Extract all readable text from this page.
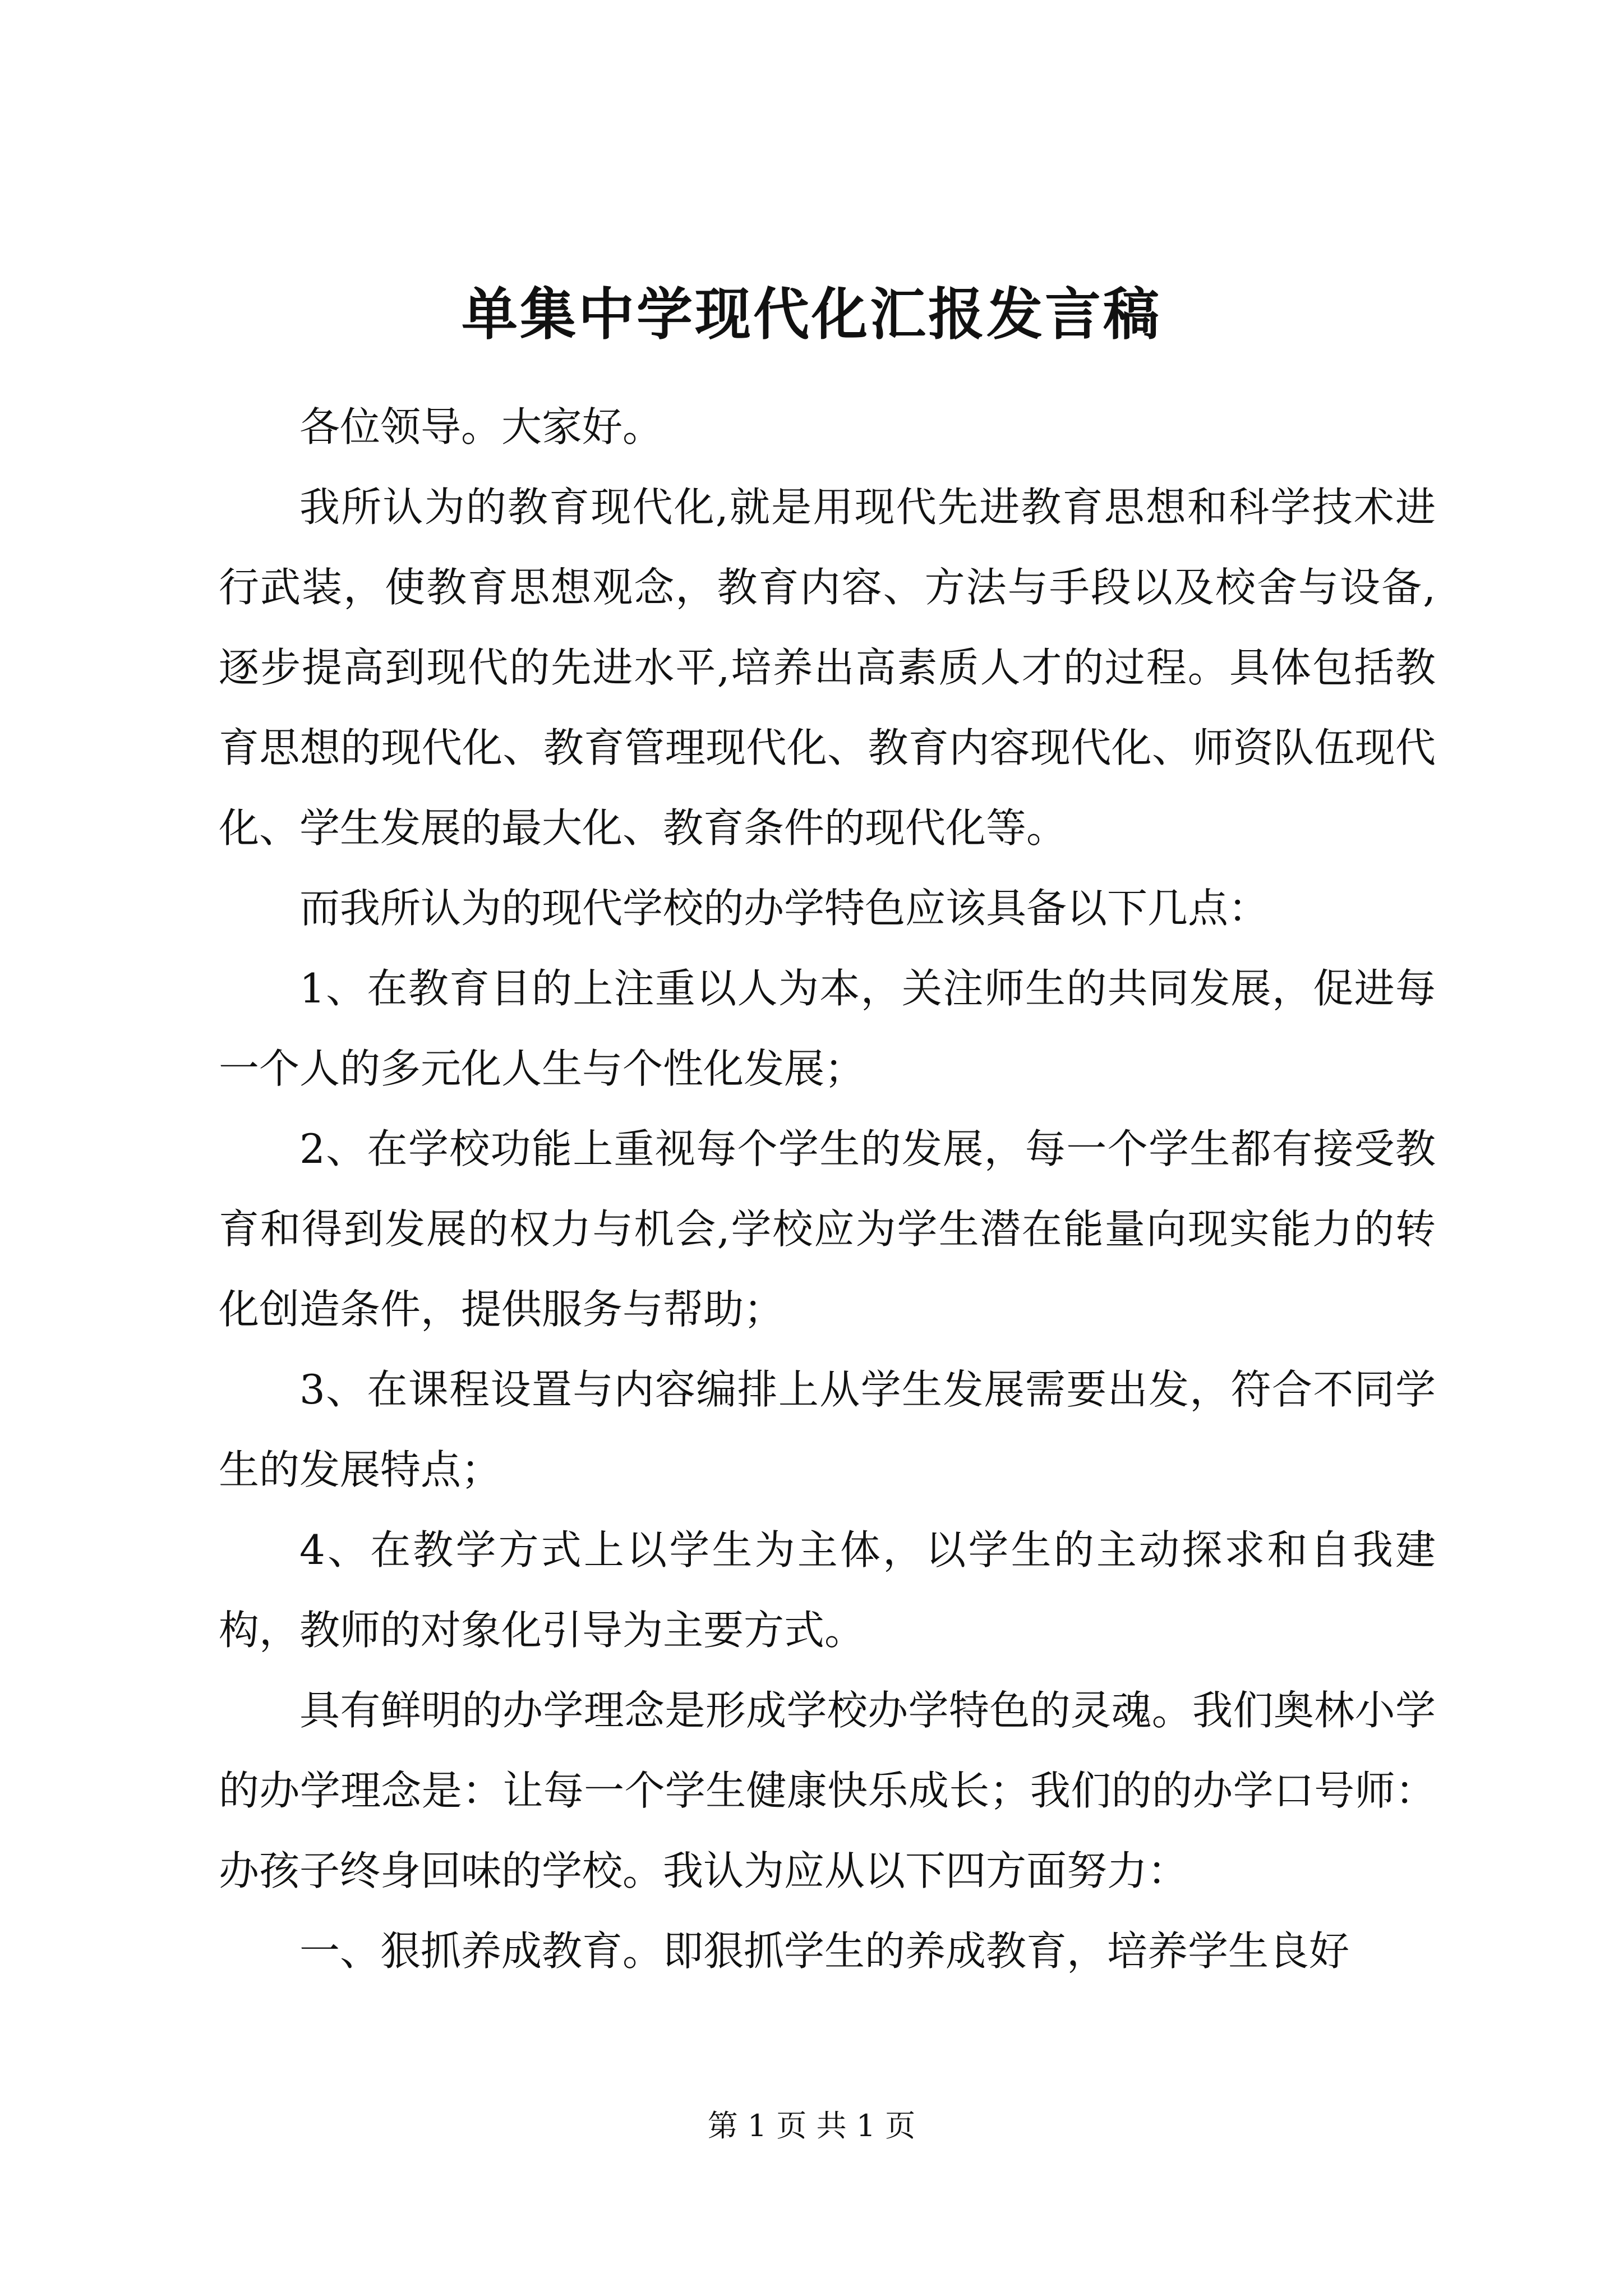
单集中学现代化汇报发言稿

各位领导。大家好。

我所认为的教育现代化,就是用现代先进教育思想和科学技术进行武装，使教育思想观念，教育内容、方法与手段以及校舍与设备,逐步提高到现代的先进水平,培养出高素质人才的过程。具体包括教育思想的现代化、教育管理现代化、教育内容现代化、师资队伍现代化、学生发展的最大化、教育条件的现代化等。

而我所认为的现代学校的办学特色应该具备以下几点：

1、在教育目的上注重以人为本，关注师生的共同发展，促进每一个人的多元化人生与个性化发展；

2、在学校功能上重视每个学生的发展，每一个学生都有接受教育和得到发展的权力与机会,学校应为学生潜在能量向现实能力的转化创造条件，提供服务与帮助；

3、在课程设置与内容编排上从学生发展需要出发，符合不同学生的发展特点；

4、在教学方式上以学生为主体，以学生的主动探求和自我建构，教师的对象化引导为主要方式。

具有鲜明的办学理念是形成学校办学特色的灵魂。我们奥林小学的办学理念是：让每一个学生健康快乐成长；我们的的办学口号师：办孩子终身回味的学校。我认为应从以下四方面努力：

一、狠抓养成教育。即狠抓学生的养成教育，培养学生良好

第 1 页 共 1 页
